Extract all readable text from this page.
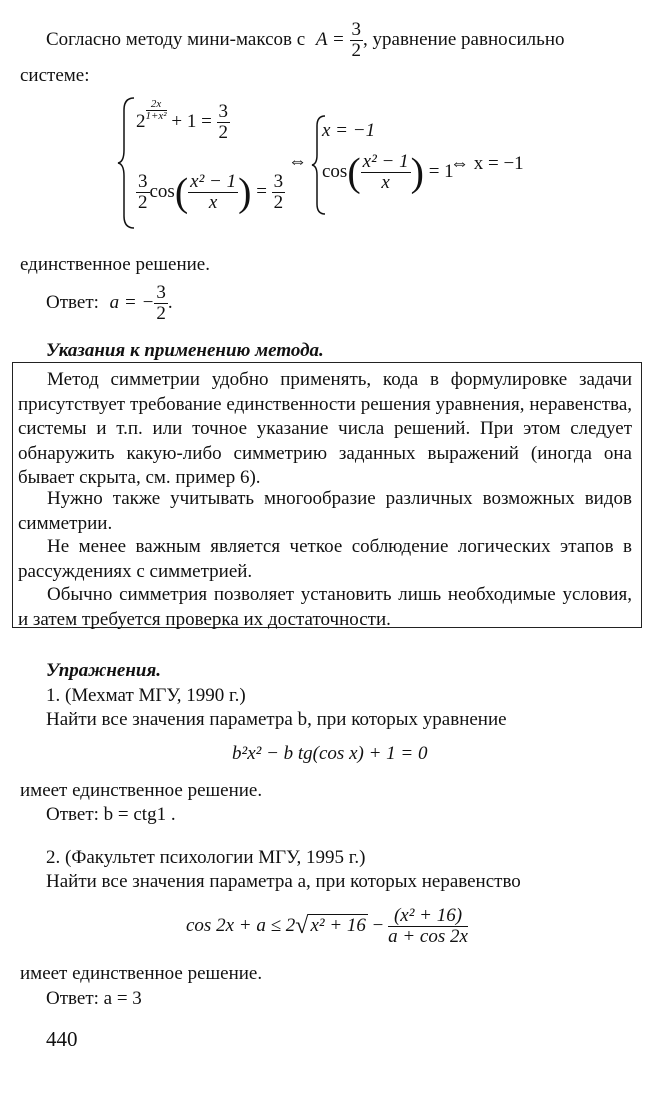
Согласно методу мини-максов с $A = \frac{3}{2}$ , уравнение равносильно
системе:
$2 \frac{2x}{\text{1+x²}} + 1 = \frac{3}{2}$
$\frac{3}{2} \cos( \frac{\text{x² − 1}}{x}$ ) = $\frac{3}{2}$
⇔
x = −1
$\cos( \frac{\text{x² − 1}}{x}$ ) = 1
⇔ x = −1
единственное решение.
Ответ: a = − $\frac{3}{2}$ .
Указания к применению метода.
Метод симметрии удобно применять, кода в формулировке задачи присутствует требование единственности решения уравнения, неравенства, системы и т.п. или точное указание числа решений. При этом следует обнаружить какую-либо симметрию заданных выражений (иногда она бывает скрыта, см. пример 6).
Нужно также учитывать многообразие различных возможных видов симметрии.
Не менее важным является четкое соблюдение логических этапов в рассуждениях с симметрией.
Обычно симметрия позволяет установить лишь необходимые условия, и затем требуется проверка их достаточности.
Упражнения.
1. (Мехмат МГУ, 1990 г.)
Найти все значения параметра b, при которых уравнение
b²x² − b tg(cos x) + 1 = 0
имеет единственное решение.
Ответ: b = ctg1 .
2. (Факультет психологии МГУ, 1995 г.)
Найти все значения параметра a, при которых неравенство
cos 2x + a ≤ 2√ $x^2 + 16 - \frac{\text{(x² + 16)}}{a + \cos 2x}$
имеет единственное решение.
Ответ: a = 3
440
